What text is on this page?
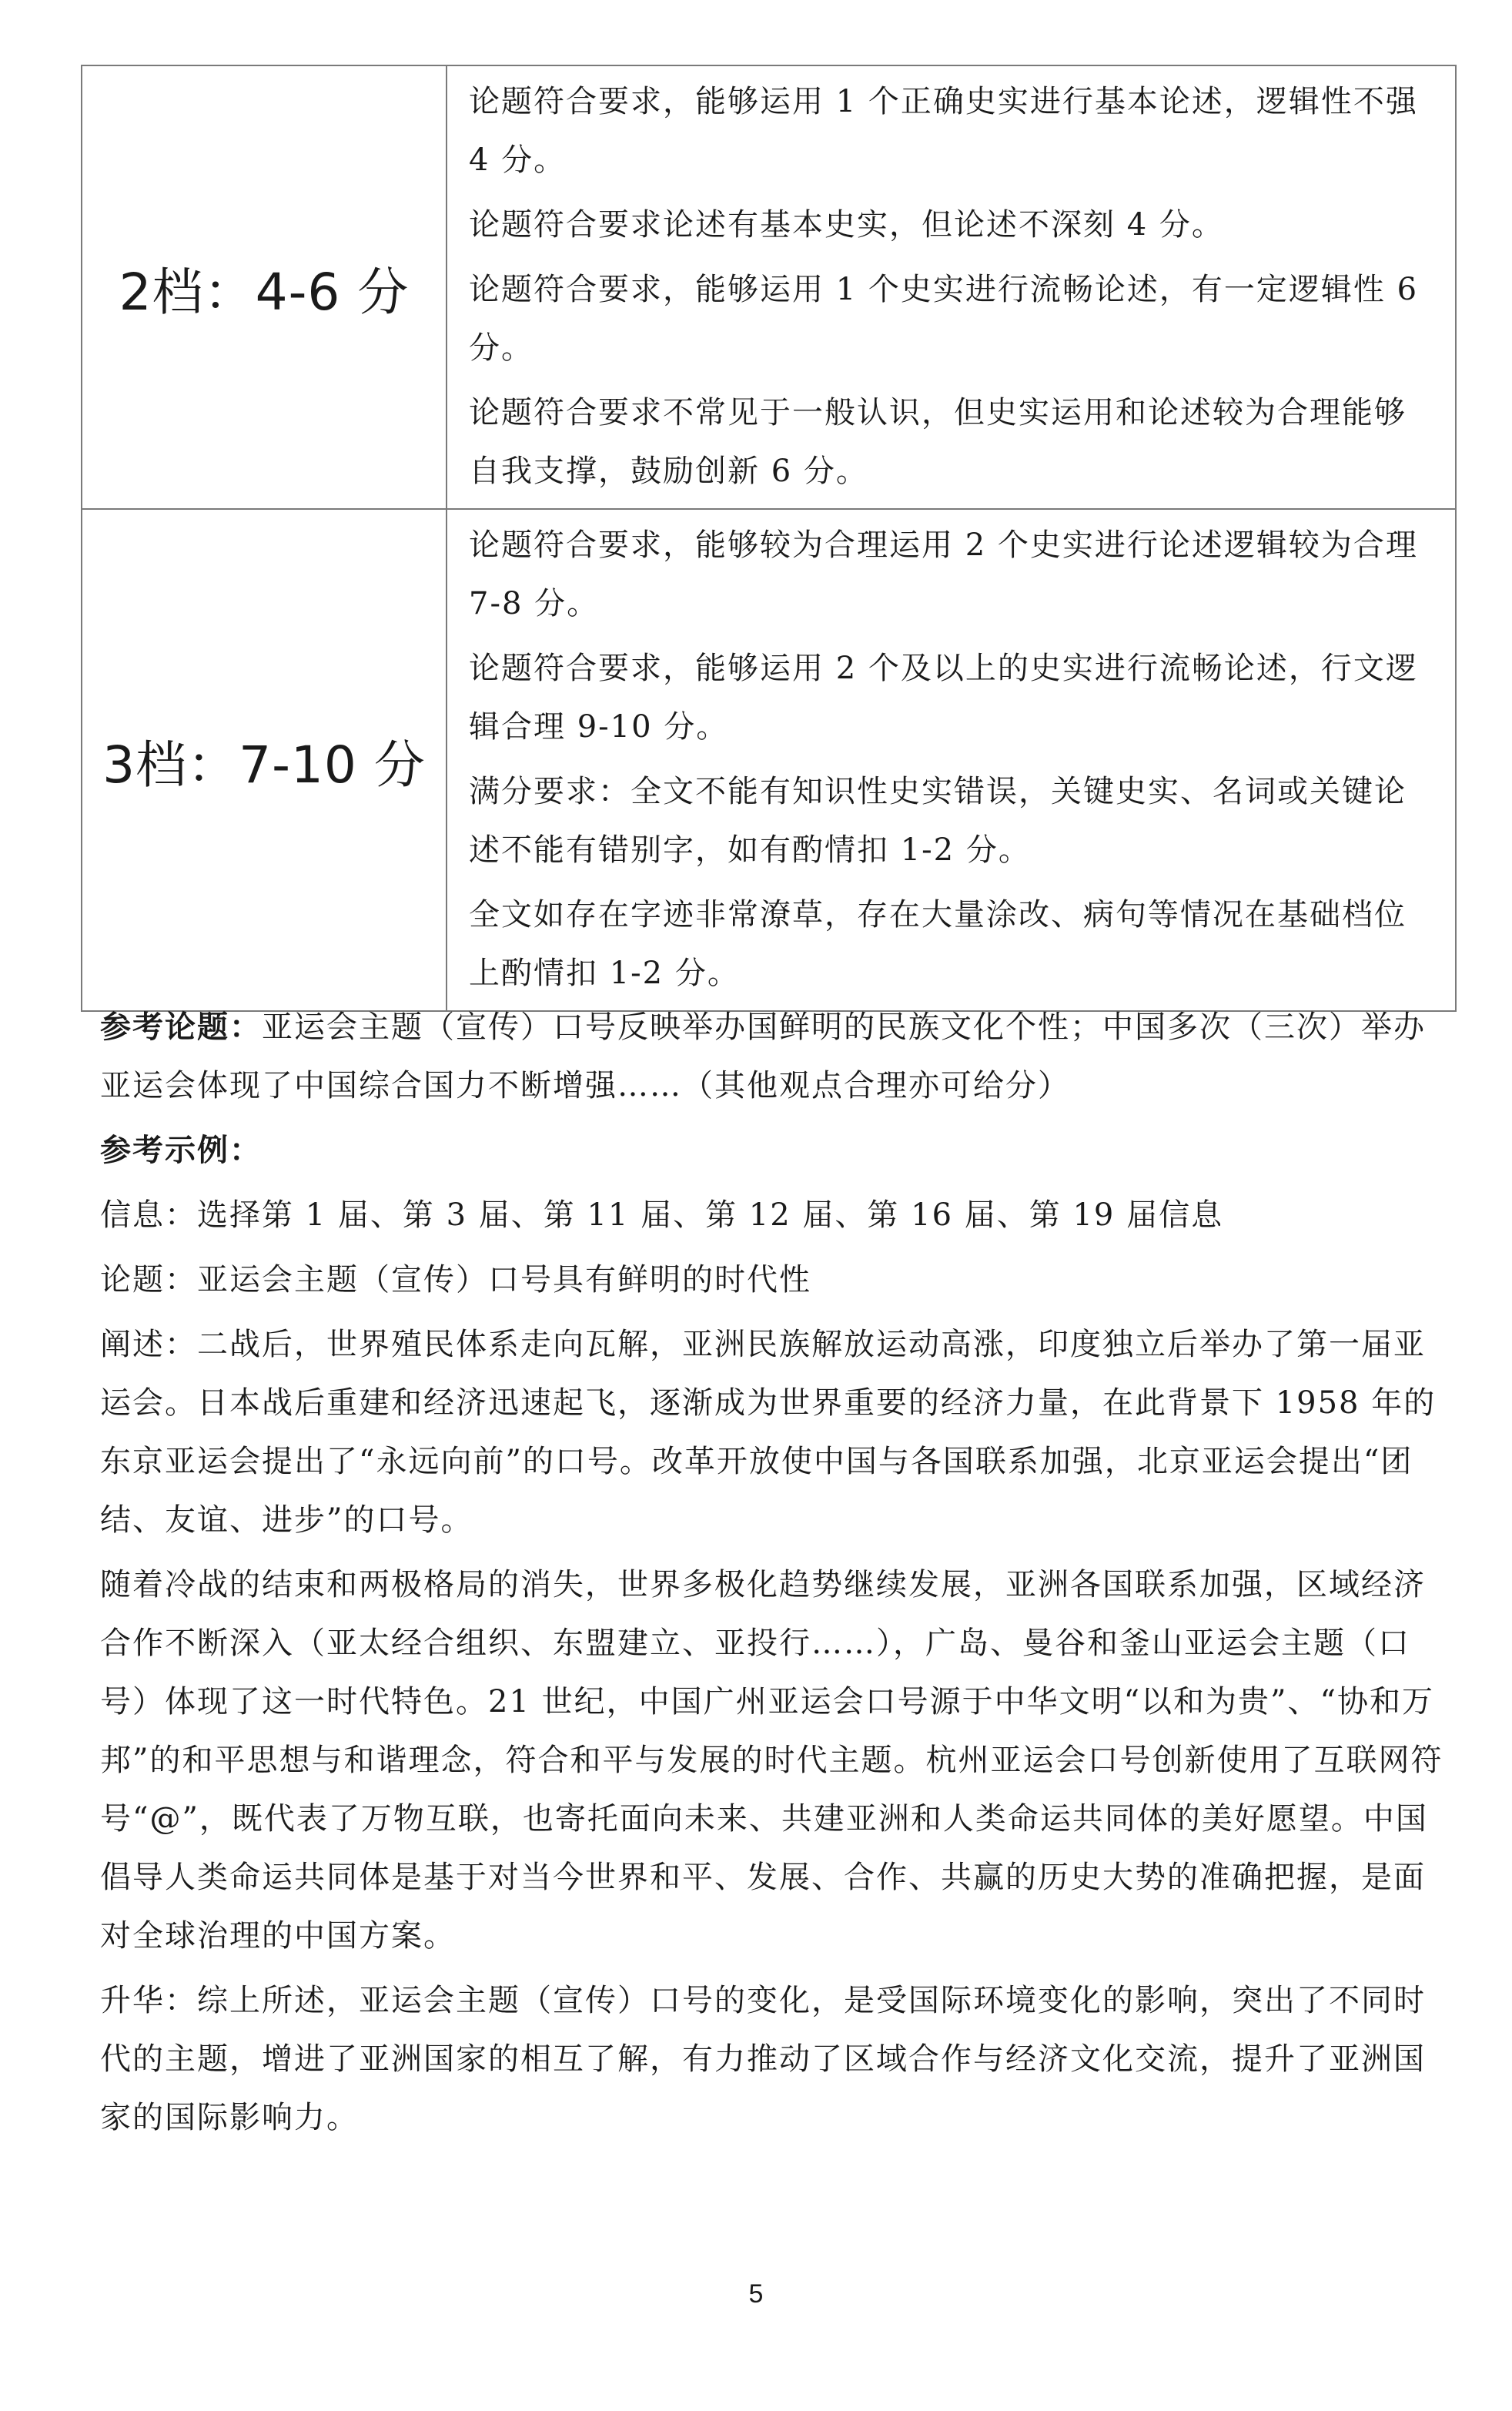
2档：4-6 分	论题符合要求，能够运用 1 个正确史实进行基本论述，逻辑性不强 4 分。

论题符合要求论述有基本史实，但论述不深刻 4 分。

论题符合要求，能够运用 1 个史实进行流畅论述，有一定逻辑性 6 分。

论题符合要求不常见于一般认识，但史实运用和论述较为合理能够自我支撑，鼓励创新 6 分。

3档：7-10 分	论题符合要求，能够较为合理运用 2 个史实进行论述逻辑较为合理 7-8 分。

论题符合要求，能够运用 2 个及以上的史实进行流畅论述，行文逻辑合理 9-10 分。

满分要求：全文不能有知识性史实错误，关键史实、名词或关键论述不能有错别字，如有酌情扣 1-2 分。

全文如存在字迹非常潦草，存在大量涂改、病句等情况在基础档位上酌情扣 1-2 分。

参考论题：亚运会主题（宣传）口号反映举办国鲜明的民族文化个性；中国多次（三次）举办亚运会体现了中国综合国力不断增强……（其他观点合理亦可给分）

参考示例：

信息：选择第 1 届、第 3 届、第 11 届、第 12 届、第 16 届、第 19 届信息

论题：亚运会主题（宣传）口号具有鲜明的时代性

阐述：二战后，世界殖民体系走向瓦解，亚洲民族解放运动高涨，印度独立后举办了第一届亚运会。日本战后重建和经济迅速起飞，逐渐成为世界重要的经济力量，在此背景下 1958 年的东京亚运会提出了“永远向前”的口号。改革开放使中国与各国联系加强，北京亚运会提出“团结、友谊、进步”的口号。

随着冷战的结束和两极格局的消失，世界多极化趋势继续发展，亚洲各国联系加强，区域经济合作不断深入（亚太经合组织、东盟建立、亚投行……），广岛、曼谷和釜山亚运会主题（口号）体现了这一时代特色。21 世纪，中国广州亚运会口号源于中华文明“以和为贵”、“协和万邦”的和平思想与和谐理念，符合和平与发展的时代主题。杭州亚运会口号创新使用了互联网符号“@”，既代表了万物互联，也寄托面向未来、共建亚洲和人类命运共同体的美好愿望。中国倡导人类命运共同体是基于对当今世界和平、发展、合作、共赢的历史大势的准确把握，是面对全球治理的中国方案。

升华：综上所述，亚运会主题（宣传）口号的变化，是受国际环境变化的影响，突出了不同时代的主题，增进了亚洲国家的相互了解，有力推动了区域合作与经济文化交流，提升了亚洲国家的国际影响力。

5
